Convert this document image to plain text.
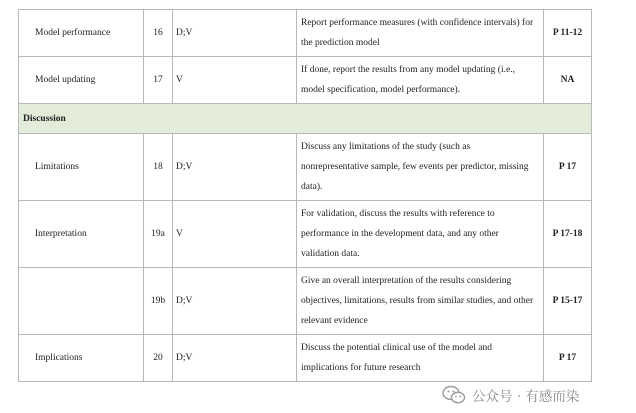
Model performance	16	D;V	Report performance measures (with confidence intervals) for the prediction model	P 11-12
Model updating	17	V	If done, report the results from any model updating (i.e., model specification, model performance).	NA
Discussion				
Limitations	18	D;V	Discuss any limitations of the study (such as nonrepresentative sample, few events per predictor, missing data).	P 17
Interpretation	19a	V	For validation, discuss the results with reference to performance in the development data, and any other validation data.	P 17-18
	19b	D;V	Give an overall interpretation of the results considering objectives, limitations, results from similar studies, and other relevant evidence	P 15-17
Implications	20	D;V	Discuss the potential clinical use of the model and implications for future research	P 17
公众号 · 有感而染
